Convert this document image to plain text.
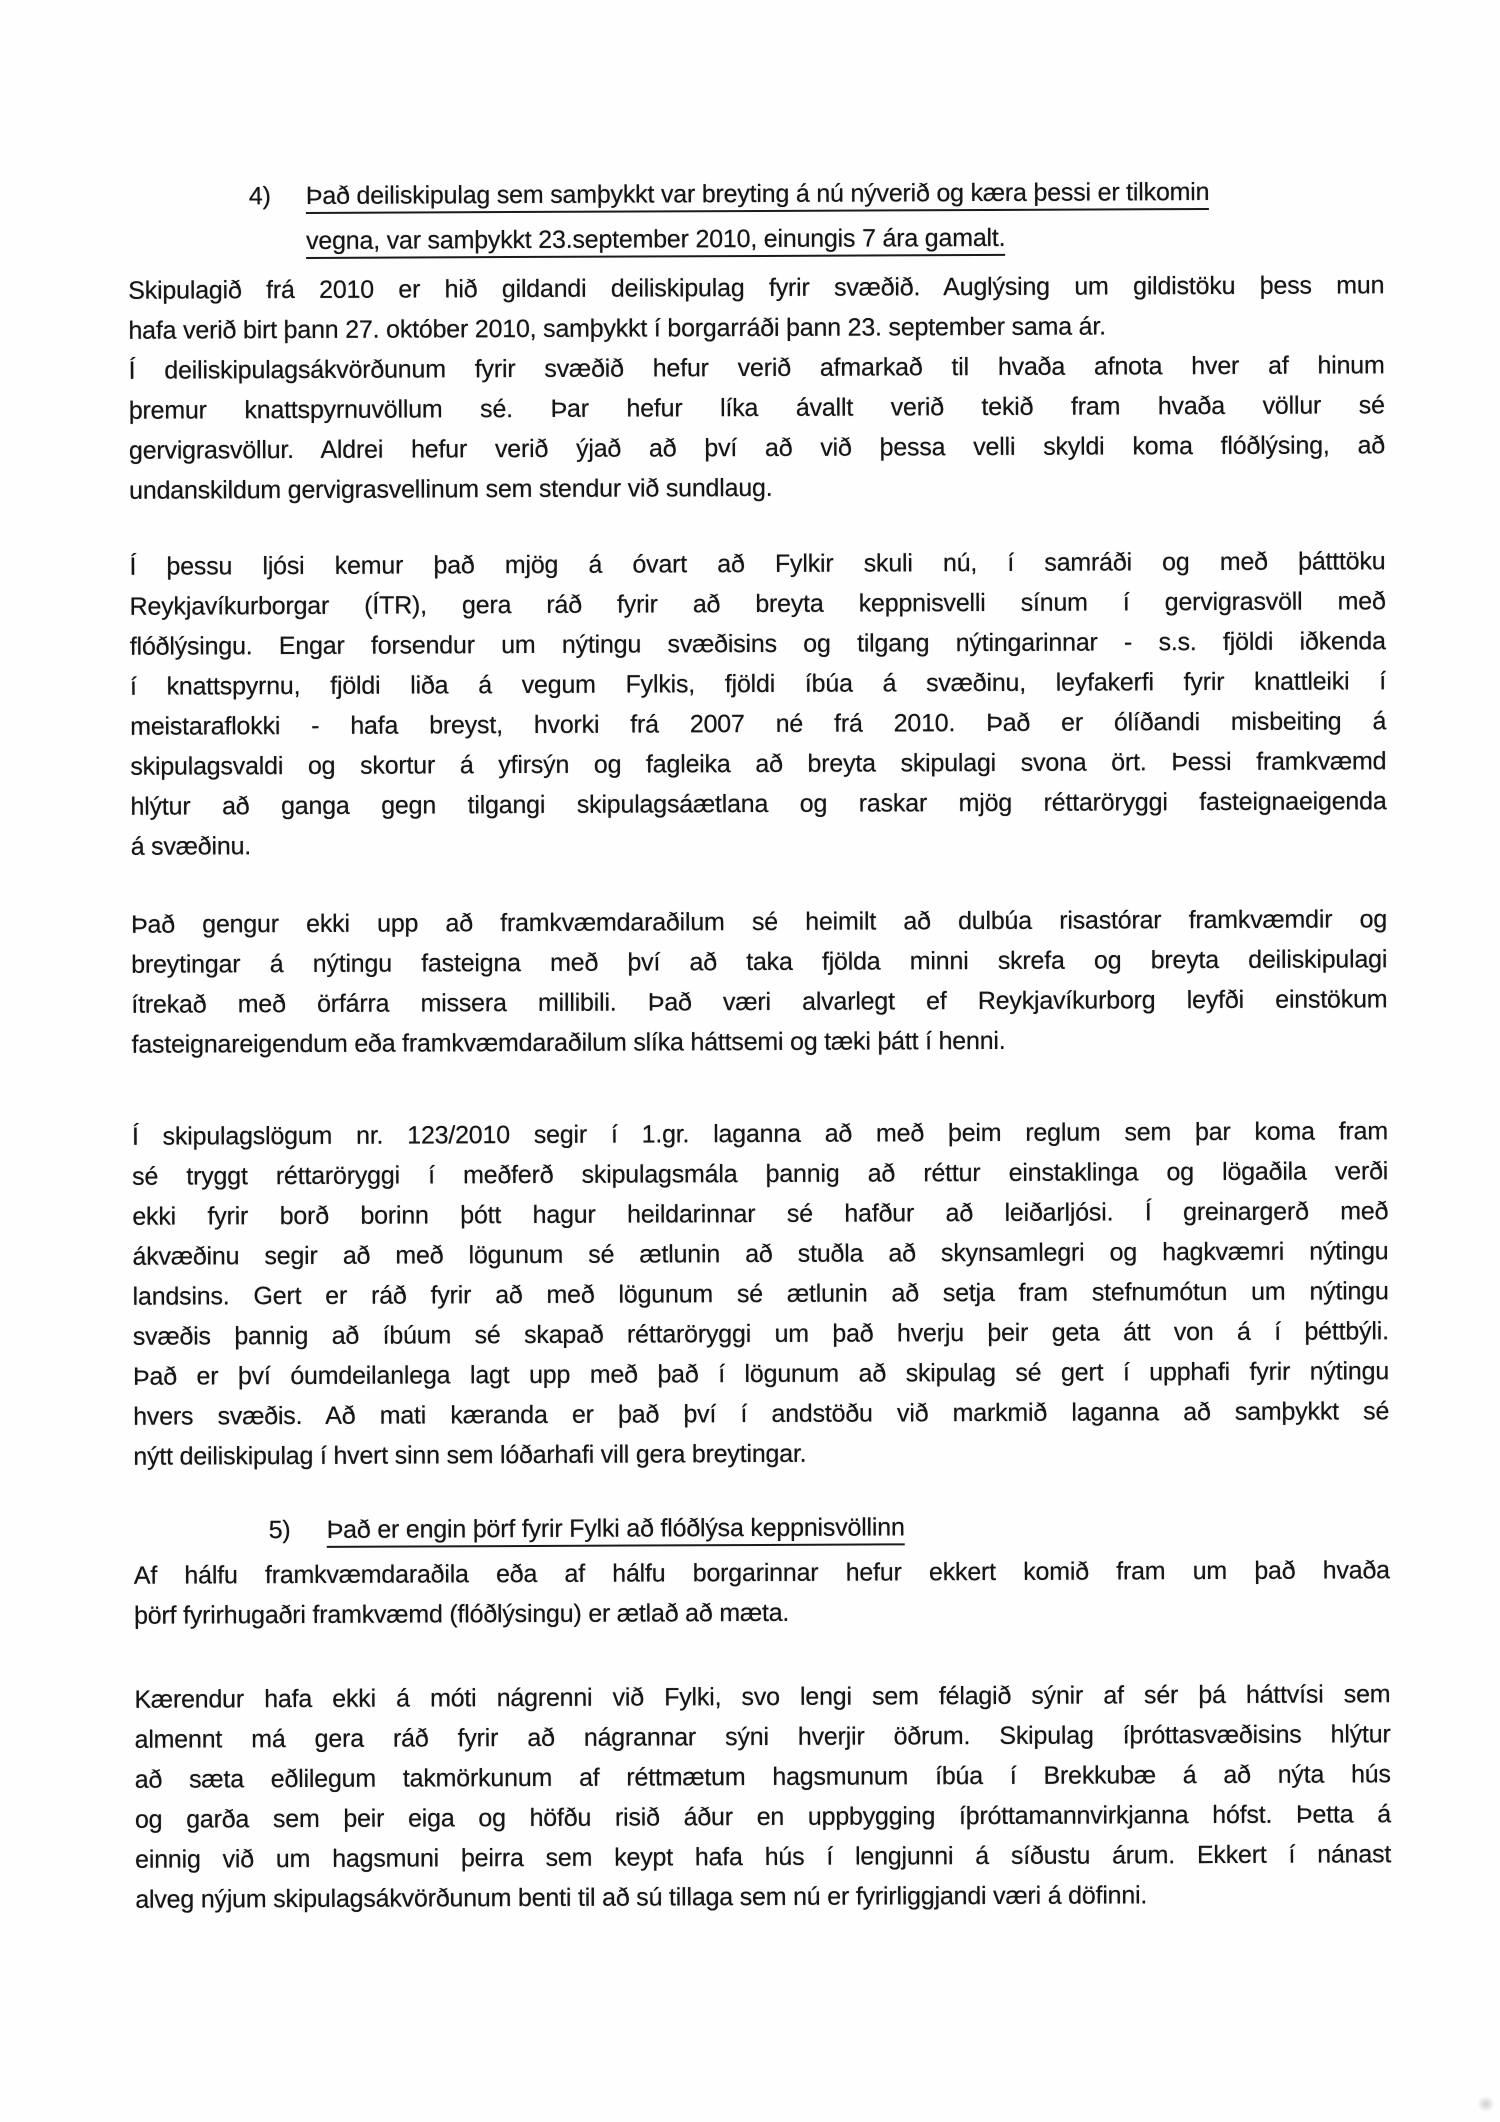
4) Það deiliskipulag sem samþykkt var breyting á nú nýverið og kæra þessi er tilkomin
vegna, var samþykkt 23.september 2010, einungis 7 ára gamalt.
Skipulagið frá 2010 er hið gildandi deiliskipulag fyrir svæðið. Auglýsing um gildistöku þess mun
hafa verið birt þann 27. október 2010, samþykkt í borgarráði þann 23. september sama ár.
Í deiliskipulagsákvörðunum fyrir svæðið hefur verið afmarkað til hvaða afnota hver af hinum
þremur knattspyrnuvöllum sé. Þar hefur líka ávallt verið tekið fram hvaða völlur sé
gervigrasvöllur. Aldrei hefur verið ýjað að því að við þessa velli skyldi koma flóðlýsing, að
undanskildum gervigrasvellinum sem stendur við sundlaug.
Í þessu ljósi kemur það mjög á óvart að Fylkir skuli nú, í samráði og með þátttöku
Reykjavíkurborgar (ÍTR), gera ráð fyrir að breyta keppnisvelli sínum í gervigrasvöll með
flóðlýsingu. Engar forsendur um nýtingu svæðisins og tilgang nýtingarinnar - s.s. fjöldi iðkenda
í knattspyrnu, fjöldi liða á vegum Fylkis, fjöldi íbúa á svæðinu, leyfakerfi fyrir knattleiki í
meistaraflokki - hafa breyst, hvorki frá 2007 né frá 2010. Það er ólíðandi misbeiting á
skipulagsvaldi og skortur á yfirsýn og fagleika að breyta skipulagi svona ört. Þessi framkvæmd
hlýtur að ganga gegn tilgangi skipulagsáætlana og raskar mjög réttaröryggi fasteignaeigenda
á svæðinu.
Það gengur ekki upp að framkvæmdaraðilum sé heimilt að dulbúa risastórar framkvæmdir og
breytingar á nýtingu fasteigna með því að taka fjölda minni skrefa og breyta deiliskipulagi
ítrekað með örfárra missera millibili. Það væri alvarlegt ef Reykjavíkurborg leyfði einstökum
fasteignareigendum eða framkvæmdaraðilum slíka háttsemi og tæki þátt í henni.
Í skipulagslögum nr. 123/2010 segir í 1.gr. laganna að með þeim reglum sem þar koma fram
sé tryggt réttaröryggi í meðferð skipulagsmála þannig að réttur einstaklinga og lögaðila verði
ekki fyrir borð borinn þótt hagur heildarinnar sé hafður að leiðarljósi. Í greinargerð með
ákvæðinu segir að með lögunum sé ætlunin að stuðla að skynsamlegri og hagkvæmri nýtingu
landsins. Gert er ráð fyrir að með lögunum sé ætlunin að setja fram stefnumótun um nýtingu
svæðis þannig að íbúum sé skapað réttaröryggi um það hverju þeir geta átt von á í þéttbýli.
Það er því óumdeilanlega lagt upp með það í lögunum að skipulag sé gert í upphafi fyrir nýtingu
hvers svæðis. Að mati kæranda er það því í andstöðu við markmið laganna að samþykkt sé
nýtt deiliskipulag í hvert sinn sem lóðarhafi vill gera breytingar.
5) Það er engin þörf fyrir Fylki að flóðlýsa keppnisvöllinn
Af hálfu framkvæmdaraðila eða af hálfu borgarinnar hefur ekkert komið fram um það hvaða
þörf fyrirhugaðri framkvæmd (flóðlýsingu) er ætlað að mæta.
Kærendur hafa ekki á móti nágrenni við Fylki, svo lengi sem félagið sýnir af sér þá háttvísi sem
almennt má gera ráð fyrir að nágrannar sýni hverjir öðrum. Skipulag íþróttasvæðisins hlýtur
að sæta eðlilegum takmörkunum af réttmætum hagsmunum íbúa í Brekkubæ á að nýta hús
og garða sem þeir eiga og höfðu risið áður en uppbygging íþróttamannvirkjanna hófst. Þetta á
einnig við um hagsmuni þeirra sem keypt hafa hús í lengjunni á síðustu árum. Ekkert í nánast
alveg nýjum skipulagsákvörðunum benti til að sú tillaga sem nú er fyrirliggjandi væri á döfinni.
